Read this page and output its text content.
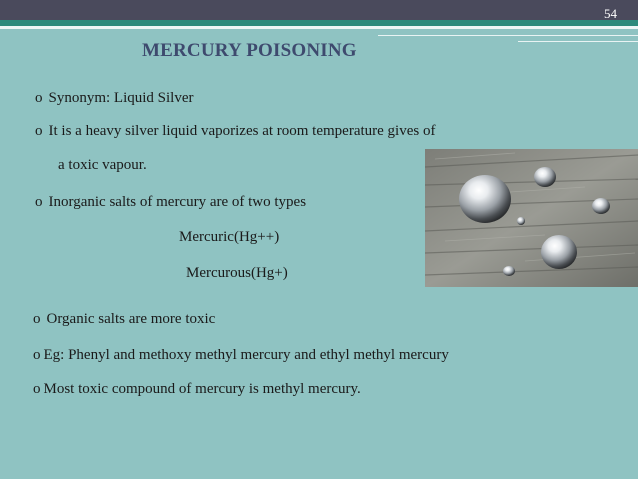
54
MERCURY POISONING
o Synonym: Liquid Silver
o It is a heavy silver liquid vaporizes at room temperature gives of
a toxic vapour.
o Inorganic salts of mercury are of two types
Mercuric(Hg++)
Mercurous(Hg+)
o Organic salts are more toxic
o Eg: Phenyl and methoxy methyl mercury and ethyl methyl mercury
o Most toxic compound of mercury is methyl mercury.
